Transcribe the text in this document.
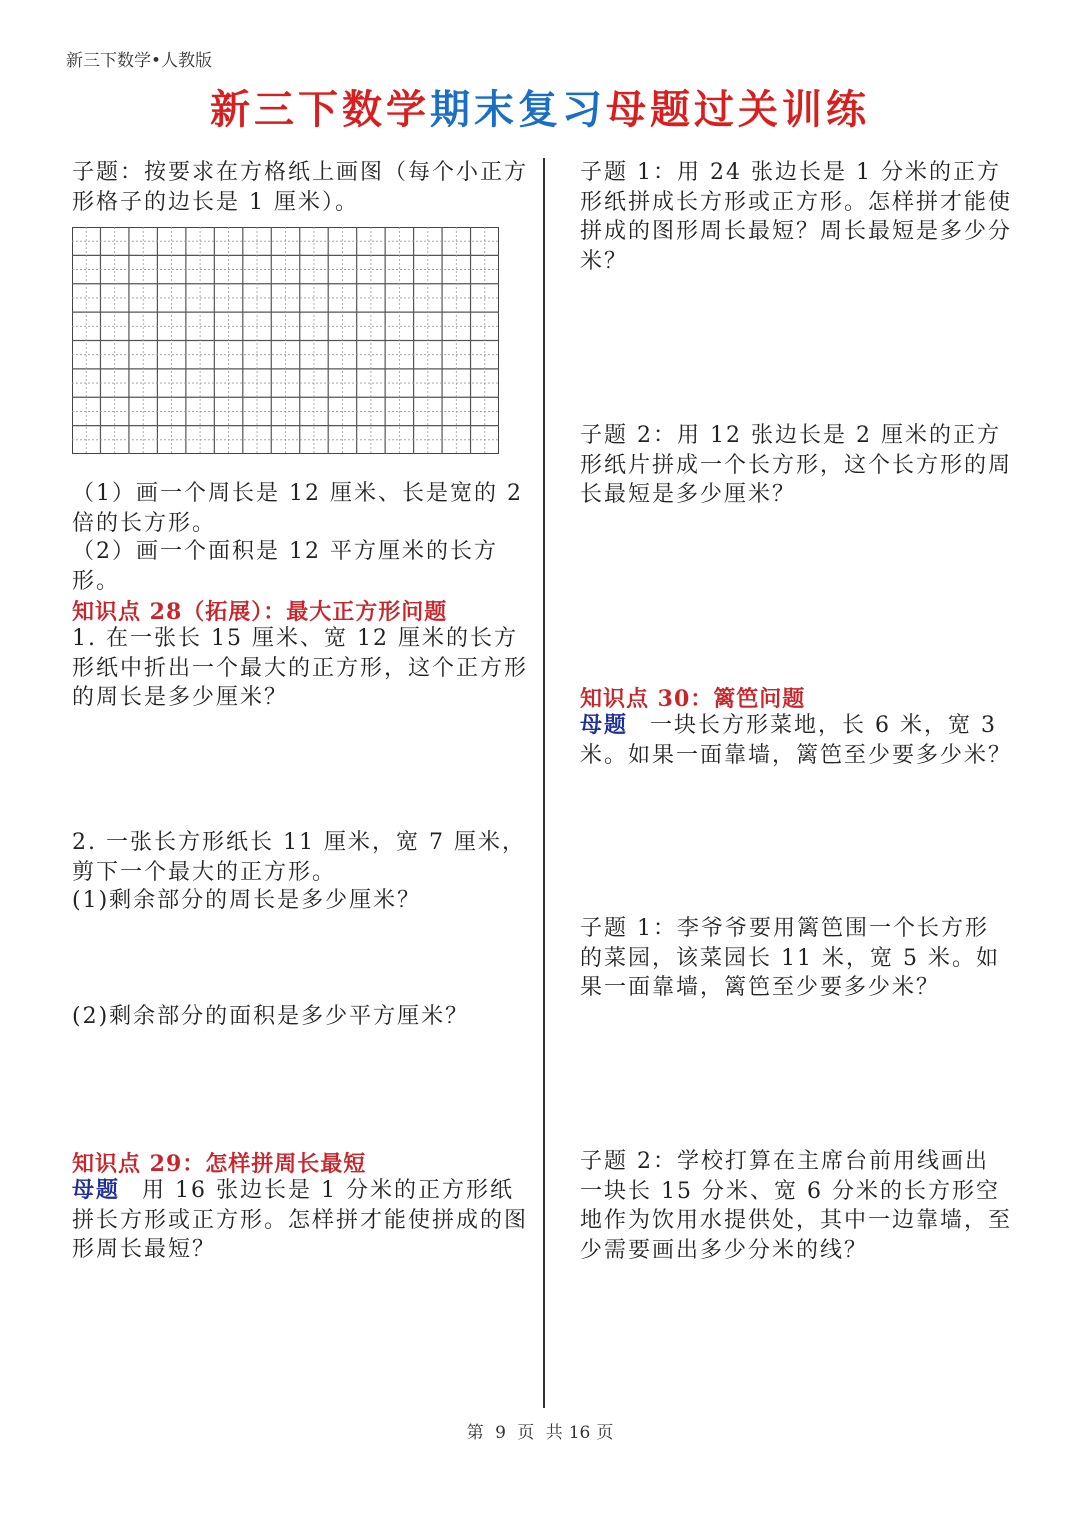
新三下数学•人教版
新三下数学期末复习母题过关训练
子题：按要求在方格纸上画图（每个小正方形格子的边长是 1 厘米）。
（1）画一个周长是 12 厘米、长是宽的 2 倍的长方形。
（2）画一个面积是 12 平方厘米的长方形。
知识点 28（拓展）：最大正方形问题
1. 在一张长 15 厘米、宽 12 厘米的长方形纸中折出一个最大的正方形，这个正方形的周长是多少厘米？
2. 一张长方形纸长 11 厘米，宽 7 厘米，剪下一个最大的正方形。
(1)剩余部分的周长是多少厘米？
(2)剩余部分的面积是多少平方厘米？
知识点 29：怎样拼周长最短
母题 用 16 张边长是 1 分米的正方形纸拼长方形或正方形。怎样拼才能使拼成的图形周长最短？
子题 1：用 24 张边长是 1 分米的正方形纸拼成长方形或正方形。怎样拼才能使拼成的图形周长最短？周长最短是多少分米？
子题 2：用 12 张边长是 2 厘米的正方形纸片拼成一个长方形，这个长方形的周长最短是多少厘米？
知识点 30：篱笆问题
母题 一块长方形菜地，长 6 米，宽 3 米。如果一面靠墙，篱笆至少要多少米？
子题 1：李爷爷要用篱笆围一个长方形的菜园，该菜园长 11 米，宽 5 米。如果一面靠墙，篱笆至少要多少米？
子题 2：学校打算在主席台前用线画出一块长 15 分米、宽 6 分米的长方形空地作为饮用水提供处，其中一边靠墙，至少需要画出多少分米的线？
第 9 页 共 16 页
